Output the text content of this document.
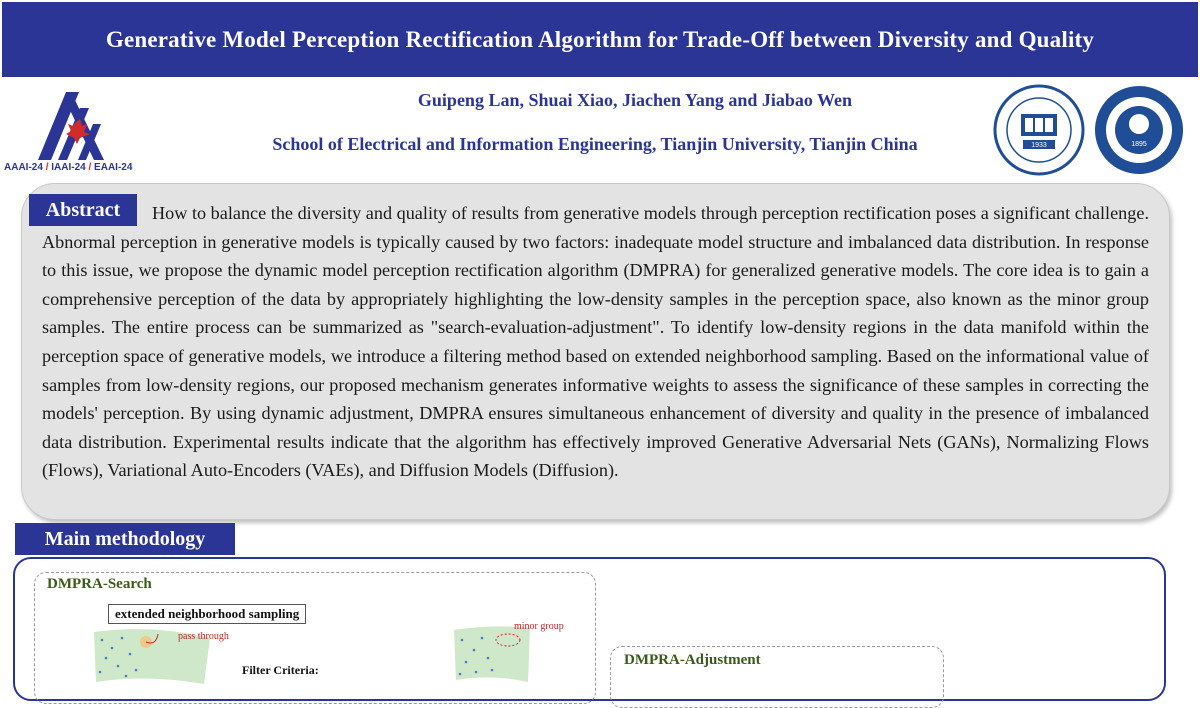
Generative Model Perception Rectification Algorithm for Trade-Off between Diversity and Quality
AAAI-24 / IAAI-24 / EAAI-24
Guipeng Lan, Shuai Xiao, Jiachen Yang and Jiabao Wen
School of Electrical and Information Engineering, Tianjin University, Tianjin China	1933	1895
How to balance the diversity and quality of results from generative models through perception rectification poses a significant challenge. Abnormal perception in generative models is typically caused by two factors: inadequate model structure and imbalanced data distribution. In response to this issue, we propose the dynamic model perception rectification algorithm (DMPRA) for generalized generative models. The core idea is to gain a comprehensive perception of the data by appropriately highlighting the low-density samples in the perception space, also known as the minor group samples. The entire process can be summarized as "search-evaluation-adjustment". To identify low-density regions in the data manifold within the perception space of generative models, we introduce a filtering method based on extended neighborhood sampling. Based on the informational value of samples from low-density regions, our proposed mechanism generates informative weights to assess the significance of these samples in correcting the models' perception. By using dynamic adjustment, DMPRA ensures simultaneous enhancement of diversity and quality in the presence of imbalanced data distribution. Experimental results indicate that the algorithm has effectively improved Generative Adversarial Nets (GANs), Normalizing Flows (Flows), Variational Auto-Encoders (VAEs), and Diffusion Models (Diffusion).
Abstract
Main methodology
DMPRA-Search
extended neighborhood sampling
pass through
minor group
Filter Criteria:
DMPRA-Adjustment
